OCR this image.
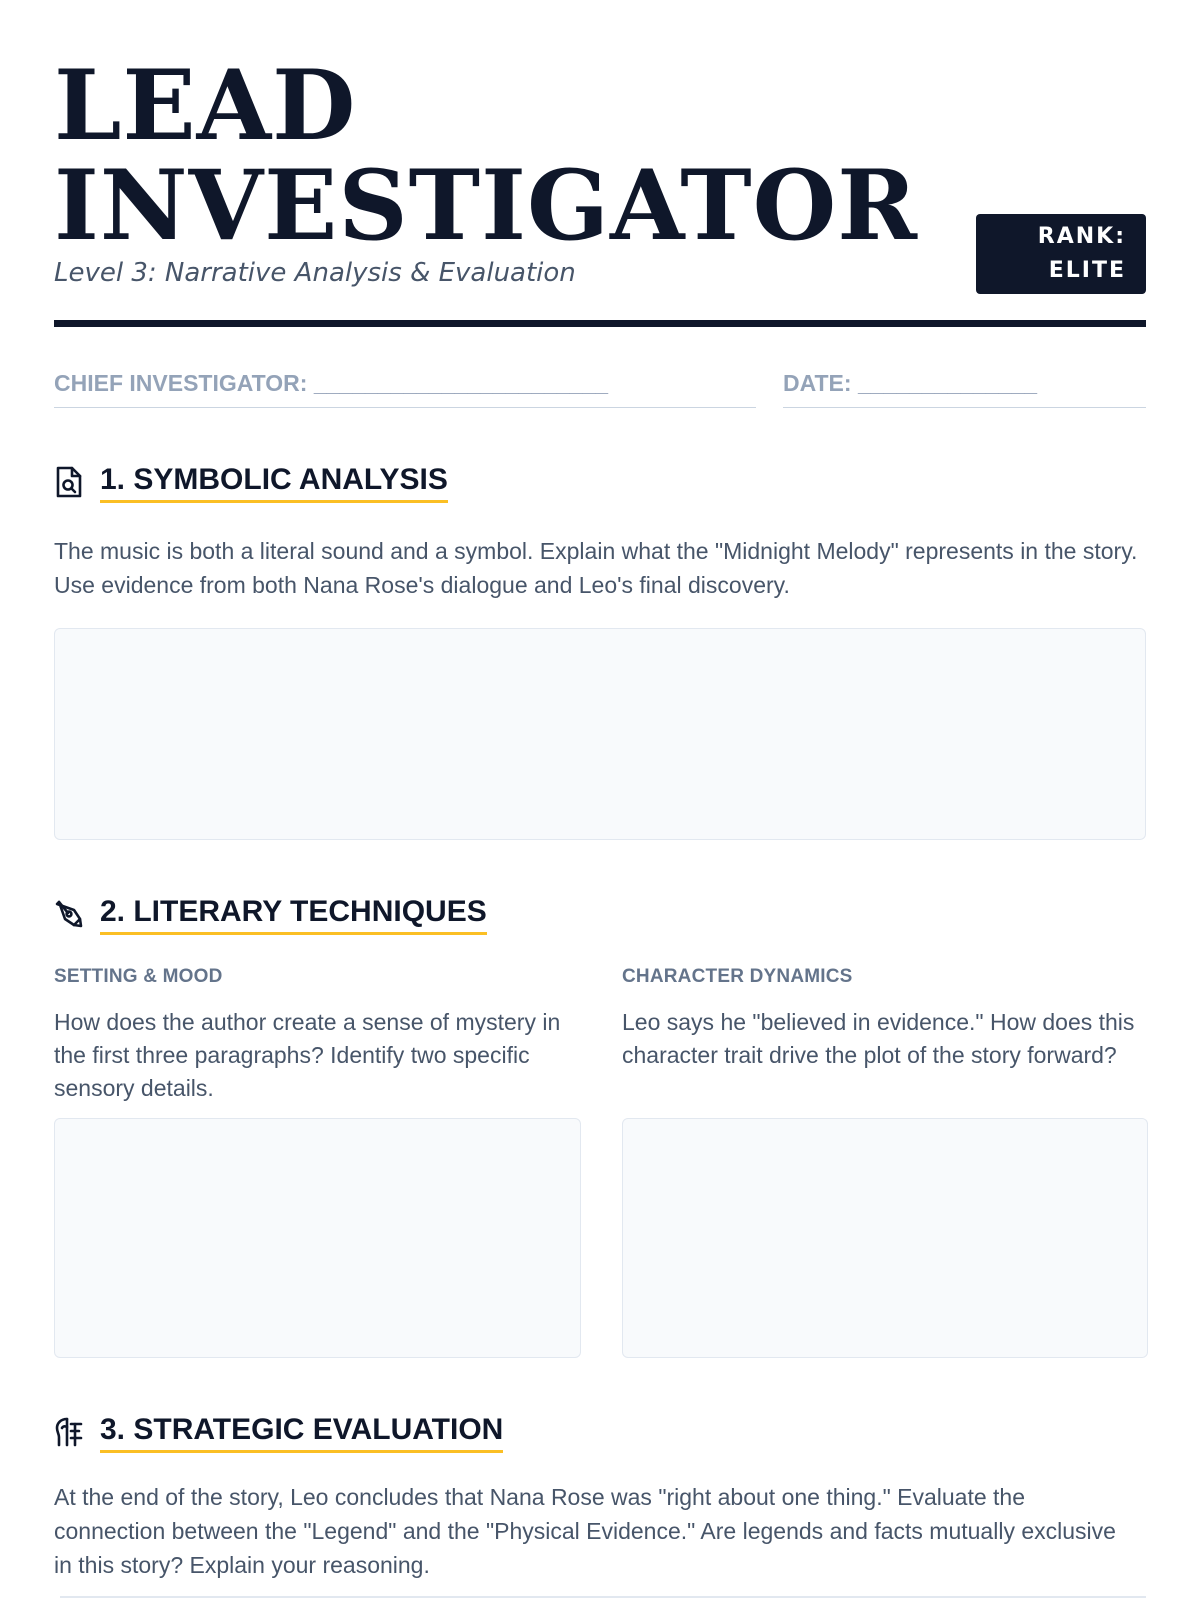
LEAD
INVESTIGATOR
Level 3: Narrative Analysis & Evaluation
RANK:
ELITE
CHIEF INVESTIGATOR: _______________________	DATE: ______________
1. SYMBOLIC ANALYSIS

The music is both a literal sound and a symbol. Explain what the "Midnight Melody" represents in the story. Use evidence from both Nana Rose's dialogue and Leo's final discovery.

2. LITERARY TECHNIQUES
SETTING & MOOD

How does the author create a sense of mystery in the first three paragraphs? Identify two specific sensory details.

CHARACTER DYNAMICS

Leo says he "believed in evidence." How does this character trait drive the plot of the story forward?

3. STRATEGIC EVALUATION

At the end of the story, Leo concludes that Nana Rose was "right about one thing." Evaluate the connection between the "Legend" and the "Physical Evidence." Are legends and facts mutually exclusive in this story? Explain your reasoning.
